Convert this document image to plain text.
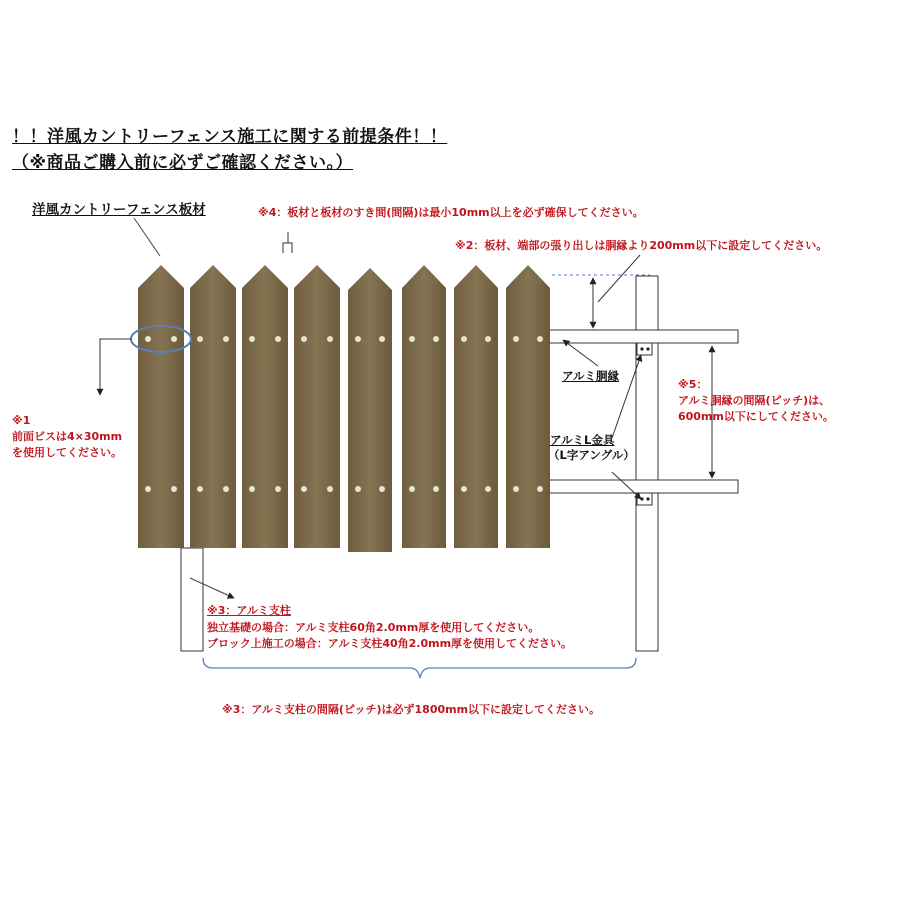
！！洋風カントリーフェンス施工に関する前提条件！！
（※商品ご購入前に必ずご確認ください。）
洋風カントリーフェンス板材	※4：板材と板材のすき間(間隔)は最小10mm以上を必ず確保してください。
※2：板材、端部の張り出しは胴縁より200mm以下に設定してください。
アルミ胴縁
※5：
アルミ胴縁の間隔(ピッチ)は、
600mm以下にしてください。
アルミL金具
（L字アングル）
※1
前面ビスは4×30mm
を使用してください。
※3：アルミ支柱
独立基礎の場合：アルミ支柱60角2.0mm厚を使用してください。
ブロック上施工の場合：アルミ支柱40角2.0mm厚を使用してください。
※3：アルミ支柱の間隔(ピッチ)は必ず1800mm以下に設定してください。
